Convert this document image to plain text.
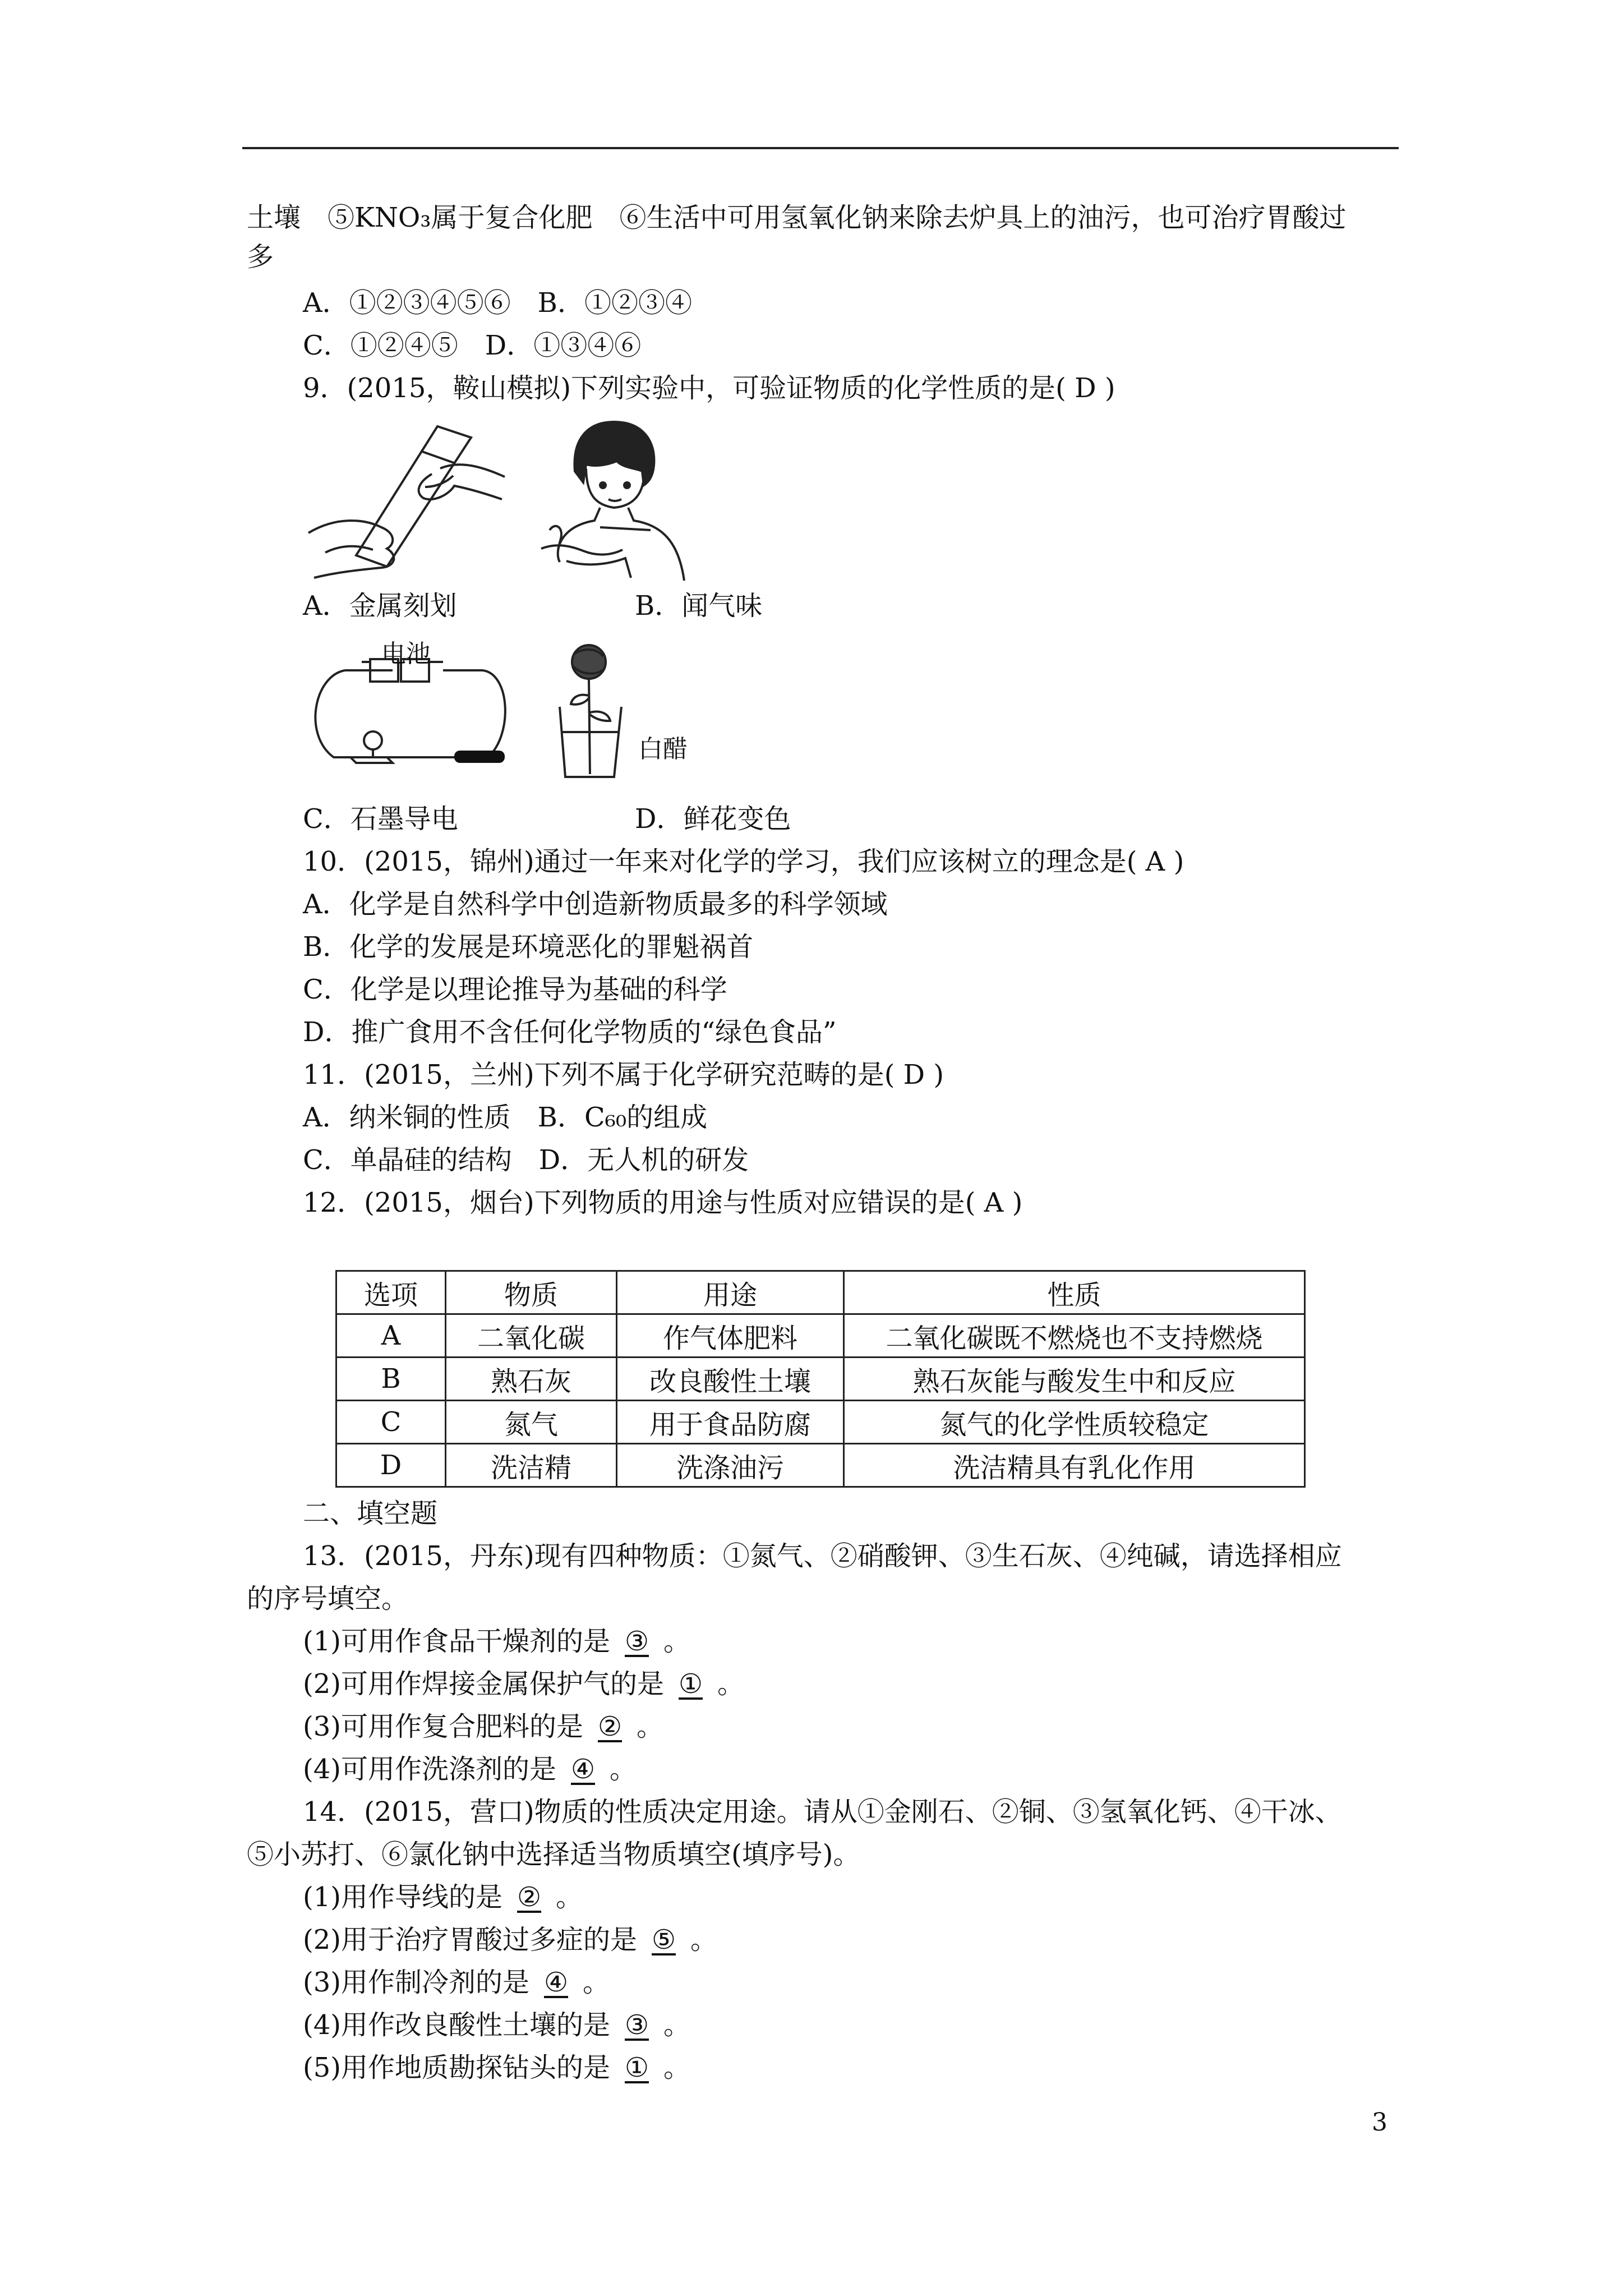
土壤　⑤KNO₃属于复合化肥　⑥生活中可用氢氧化钠来除去炉具上的油污，也可治疗胃酸过
多
A．①②③④⑤⑥　B．①②③④
C．①②④⑤　D．①③④⑥
9．(2015，鞍山模拟)下列实验中，可验证物质的化学性质的是( D )
A．金属刻划	B．闻气味
电池
白醋
C．石墨导电	D．鲜花变色
10．(2015，锦州)通过一年来对化学的学习，我们应该树立的理念是( A )
A．化学是自然科学中创造新物质最多的科学领域
B．化学的发展是环境恶化的罪魁祸首
C．化学是以理论推导为基础的科学
D．推广食用不含任何化学物质的“绿色食品”
11．(2015，兰州)下列不属于化学研究范畴的是( D )
A．纳米铜的性质　B．C₆₀的组成
C．单晶硅的结构　D．无人机的研发
12．(2015，烟台)下列物质的用途与性质对应错误的是( A )
选项	物质	用途	性质
A	二氧化碳	作气体肥料	二氧化碳既不燃烧也不支持燃烧
B	熟石灰	改良酸性土壤	熟石灰能与酸发生中和反应
C	氮气	用于食品防腐	氮气的化学性质较稳定
D	洗洁精	洗涤油污	洗洁精具有乳化作用
二、填空题
13．(2015，丹东)现有四种物质：①氮气、②硝酸钾、③生石灰、④纯碱，请选择相应
的序号填空。
(1)可用作食品干燥剂的是 ③ 。
(2)可用作焊接金属保护气的是 ① 。
(3)可用作复合肥料的是 ② 。
(4)可用作洗涤剂的是 ④ 。
14．(2015，营口)物质的性质决定用途。请从①金刚石、②铜、③氢氧化钙、④干冰、
⑤小苏打、⑥氯化钠中选择适当物质填空(填序号)。
(1)用作导线的是 ② 。
(2)用于治疗胃酸过多症的是 ⑤ 。
(3)用作制冷剂的是 ④ 。
(4)用作改良酸性土壤的是 ③ 。
(5)用作地质勘探钻头的是 ① 。
3
